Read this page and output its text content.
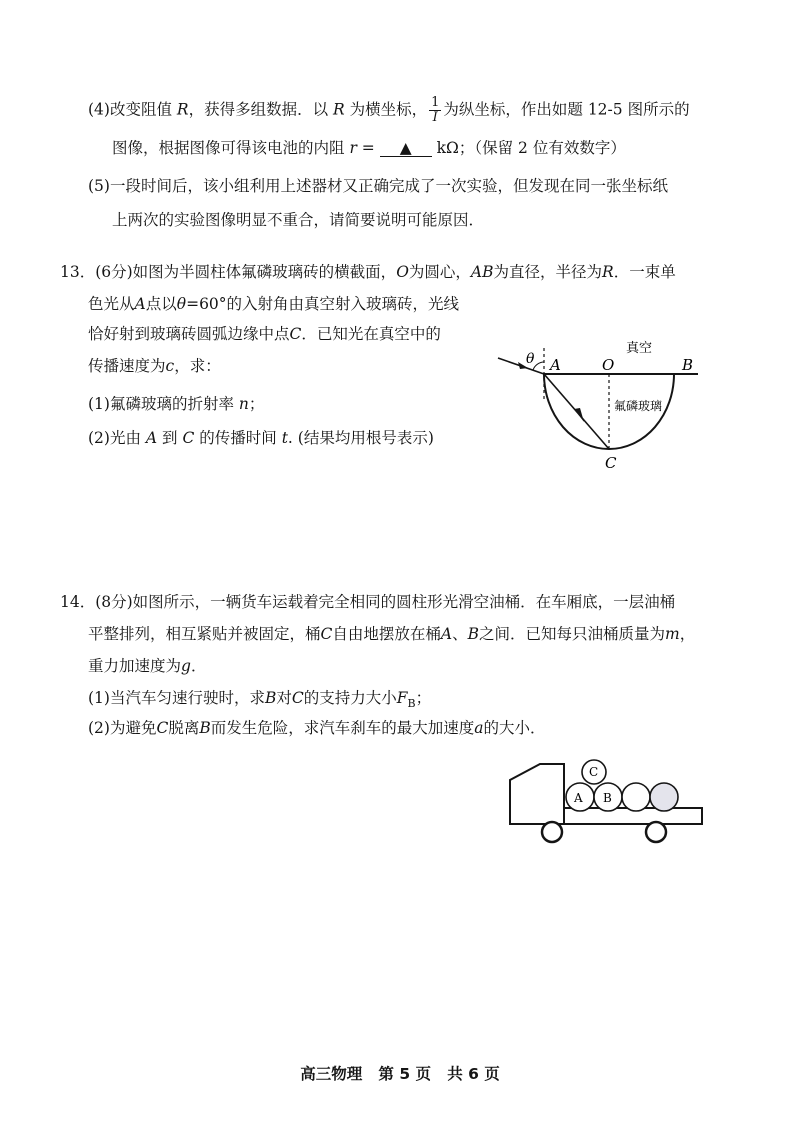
(4)改变阻值 R，获得多组数据．以 R 为横坐标， $\frac{1}{I}$ 为纵坐标，作出如题 12-5 图所示的
图像，根据图像可得该电池的内阻 r = ▲ kΩ；（保留 2 位有效数字）
(5)一段时间后，该小组利用上述器材又正确完成了一次实验，但发现在同一张坐标纸
上两次的实验图像明显不重合，请简要说明可能原因．
13．(6分)如图为半圆柱体氟磷玻璃砖的横截面，O为圆心，AB为直径，半径为R．一束单
色光从A点以θ=60°的入射角由真空射入玻璃砖，光线
恰好射到玻璃砖圆弧边缘中点C．已知光在真空中的
传播速度为c，求：
(1)氟磷玻璃的折射率 n；
(2)光由 A 到 C 的传播时间 t. (结果均用根号表示)
θ A	O	B
C
真空
氟磷玻璃
14．(8分)如图所示，一辆货车运载着完全相同的圆柱形光滑空油桶．在车厢底，一层油桶
平整排列，相互紧贴并被固定，桶C自由地摆放在桶A、B之间．已知每只油桶质量为m，
重力加速度为g．
(1)当汽车匀速行驶时，求B对C的支持力大小$F_B$；
(2)为避免C脱离B而发生危险，求汽车刹车的最大加速度a的大小．
A B
C
高三物理 第 5 页 共 6 页
